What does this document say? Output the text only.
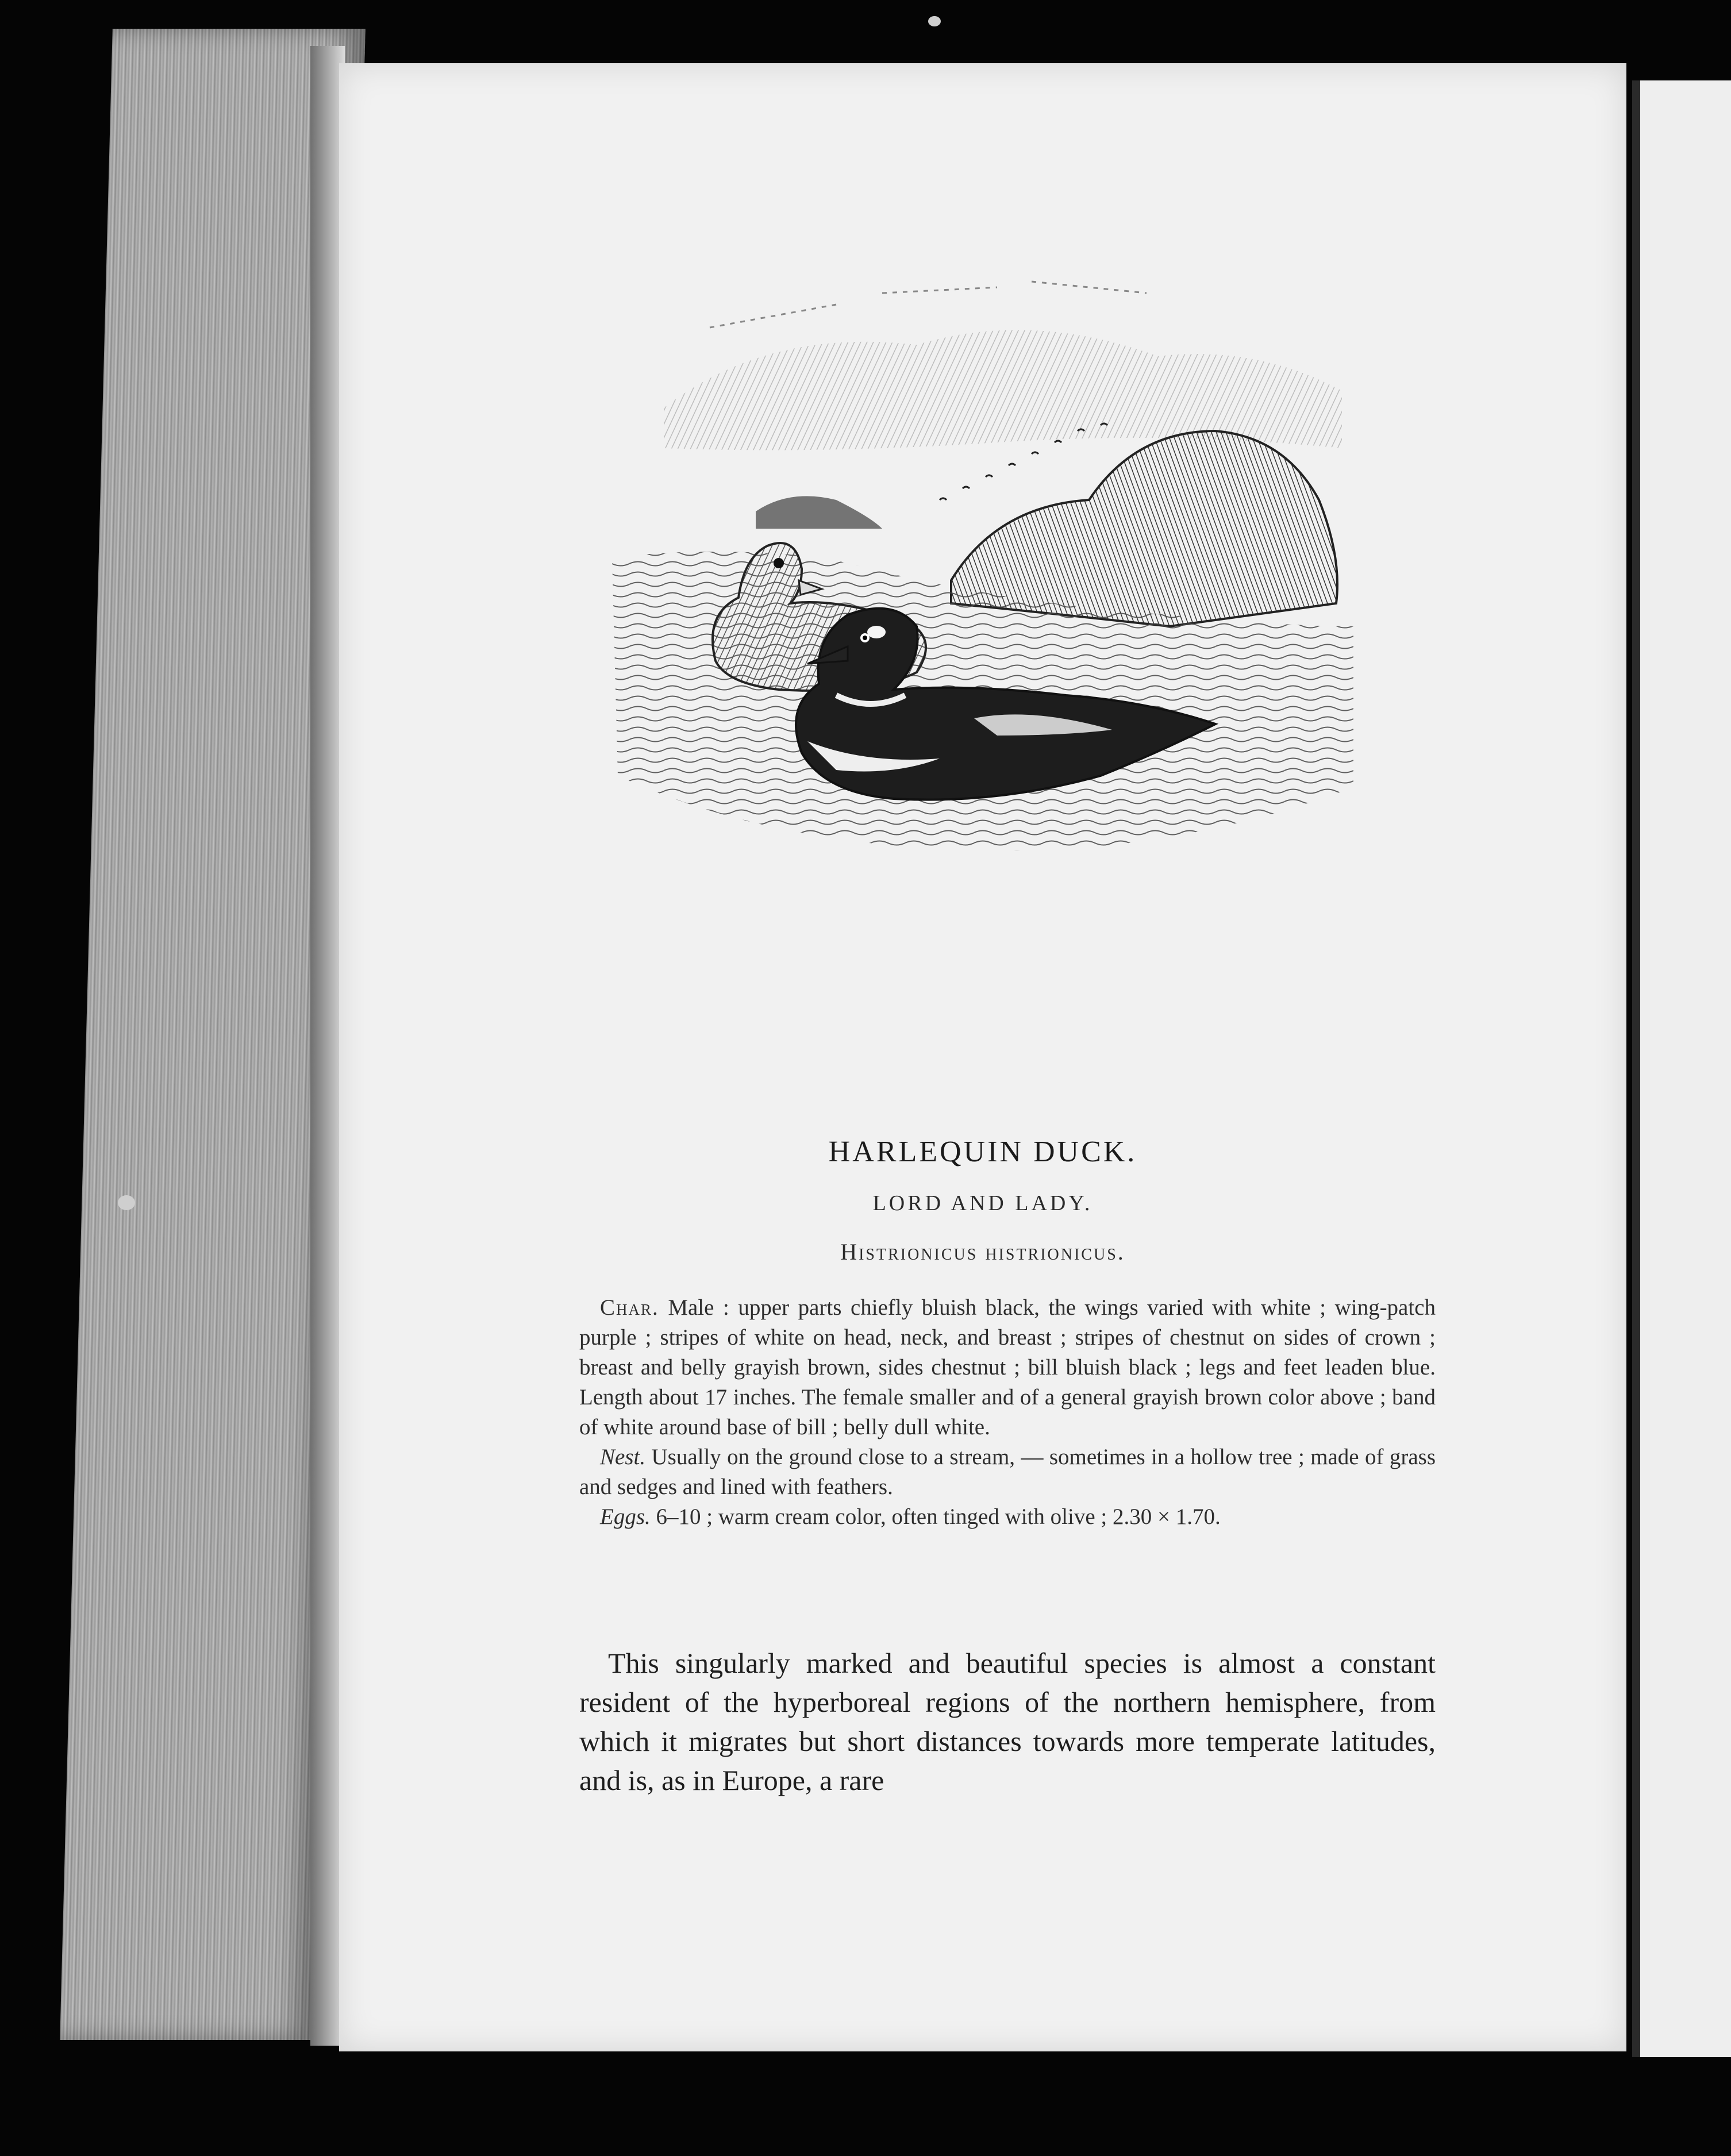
HARLEQUIN DUCK.
LORD AND LADY.
Histrionicus histrionicus.

Char. Male : upper parts chiefly bluish black, the wings varied with white ; wing-patch purple ; stripes of white on head, neck, and breast ; stripes of chestnut on sides of crown ; breast and belly grayish brown, sides chestnut ; bill bluish black ; legs and feet leaden blue. Length about 17 inches. The female smaller and of a general grayish brown color above ; band of white around base of bill ; belly dull white.

Nest. Usually on the ground close to a stream, — sometimes in a hollow tree ; made of grass and sedges and lined with feathers.

Eggs. 6–10 ; warm cream color, often tinged with olive ; 2.30 × 1.70.

This singularly marked and beautiful species is almost a constant resident of the hyperboreal regions of the northern hemisphere, from which it migrates but short distances towards more temperate latitudes, and is, as in Europe, a rare
